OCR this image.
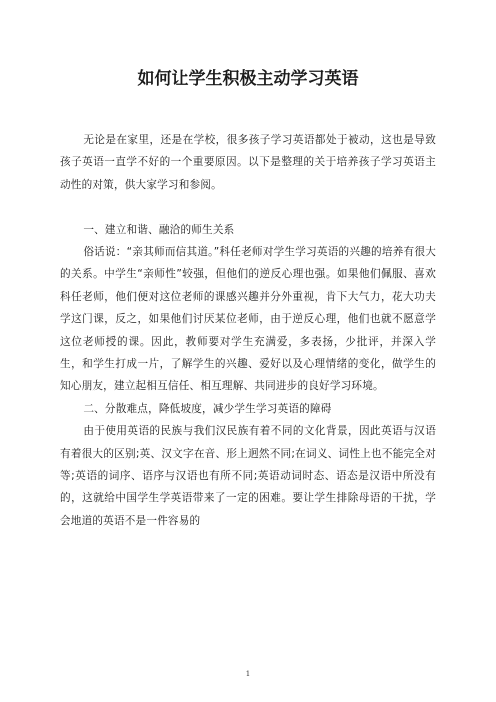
如何让学生积极主动学习英语

无论是在家里，还是在学校，很多孩子学习英语都处于被动，这也是导致孩子英语一直学不好的一个重要原因。以下是整理的关于培养孩子学习英语主动性的对策，供大家学习和参阅。

一、建立和谐、融洽的师生关系

俗话说：“亲其师而信其道。”科任老师对学生学习英语的兴趣的培养有很大的关系。中学生“亲师性”较强，但他们的逆反心理也强。如果他们佩服、喜欢科任老师，他们便对这位老师的课感兴趣并分外重视，肯下大气力，花大功夫学这门课，反之，如果他们讨厌某位老师，由于逆反心理，他们也就不愿意学这位老师授的课。因此，教师要对学生充满爱，多表扬，少批评，并深入学生，和学生打成一片，了解学生的兴趣、爱好以及心理情绪的变化，做学生的知心朋友，建立起相互信任、相互理解、共同进步的良好学习环境。

二、分散难点，降低坡度，减少学生学习英语的障碍

由于使用英语的民族与我们汉民族有着不同的文化背景，因此英语与汉语有着很大的区别;英、汉文字在音、形上迥然不同;在词义、词性上也不能完全对等;英语的词序、语序与汉语也有所不同;英语动词时态、语态是汉语中所没有的，这就给中国学生学英语带来了一定的困难。要让学生排除母语的干扰，学会地道的英语不是一件容易的

1
